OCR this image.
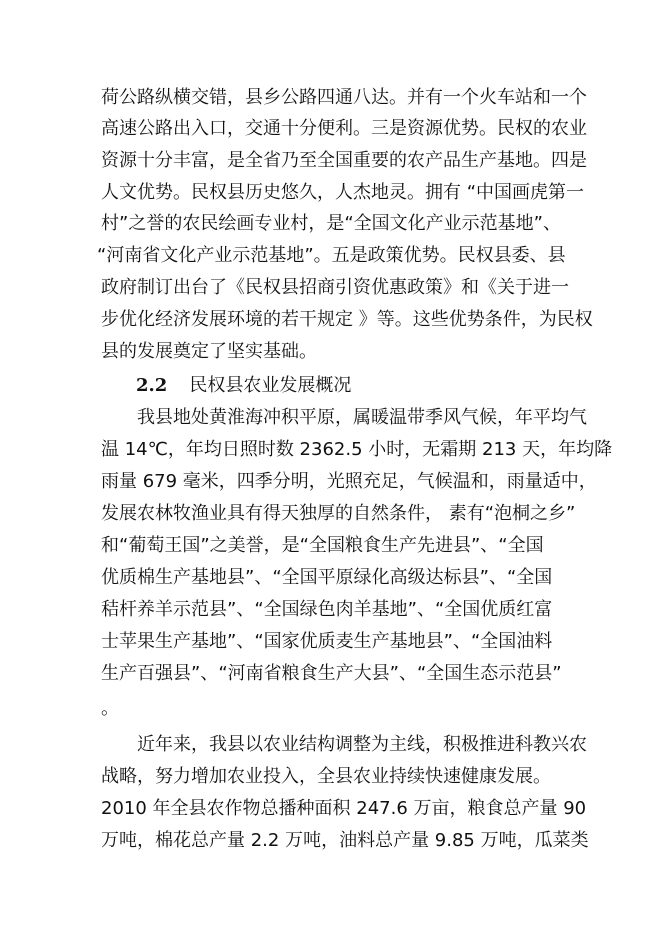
荷公路纵横交错，县乡公路四通八达。并有一个火车站和一个
高速公路出入口，交通十分便利。三是资源优势。民权的农业
资源十分丰富，是全省乃至全国重要的农产品生产基地。四是
人文优势。民权县历史悠久，人杰地灵。拥有 “中国画虎第一
村”之誉的农民绘画专业村，是“全国文化产业示范基地”、
“河南省文化产业示范基地”。五是政策优势。民权县委、县
政府制订出台了《民权县招商引资优惠政策》和《关于进一
步优化经济发展环境的若干规定 》等。这些优势条件，为民权
县的发展奠定了坚实基础。
2.2 民权县农业发展概况
我县地处黄淮海冲积平原，属暖温带季风气候，年平均气
温 14℃，年均日照时数 2362.5 小时，无霜期 213 天，年均降
雨量 679 毫米，四季分明，光照充足，气候温和，雨量适中，
发展农林牧渔业具有得天独厚的自然条件， 素有“泡桐之乡”
和“葡萄王国”之美誉，是“全国粮食生产先进县”、“全国
优质棉生产基地县”、“全国平原绿化高级达标县”、“全国
秸杆养羊示范县”、“全国绿色肉羊基地”、“全国优质红富
士苹果生产基地”、“国家优质麦生产基地县”、“全国油料
生产百强县”、“河南省粮食生产大县”、“全国生态示范县”
。
近年来，我县以农业结构调整为主线，积极推进科教兴农
战略，努力增加农业投入，全县农业持续快速健康发展。
2010 年全县农作物总播种面积 247.6 万亩，粮食总产量 90
万吨，棉花总产量 2.2 万吨，油料总产量 9.85 万吨，瓜菜类
